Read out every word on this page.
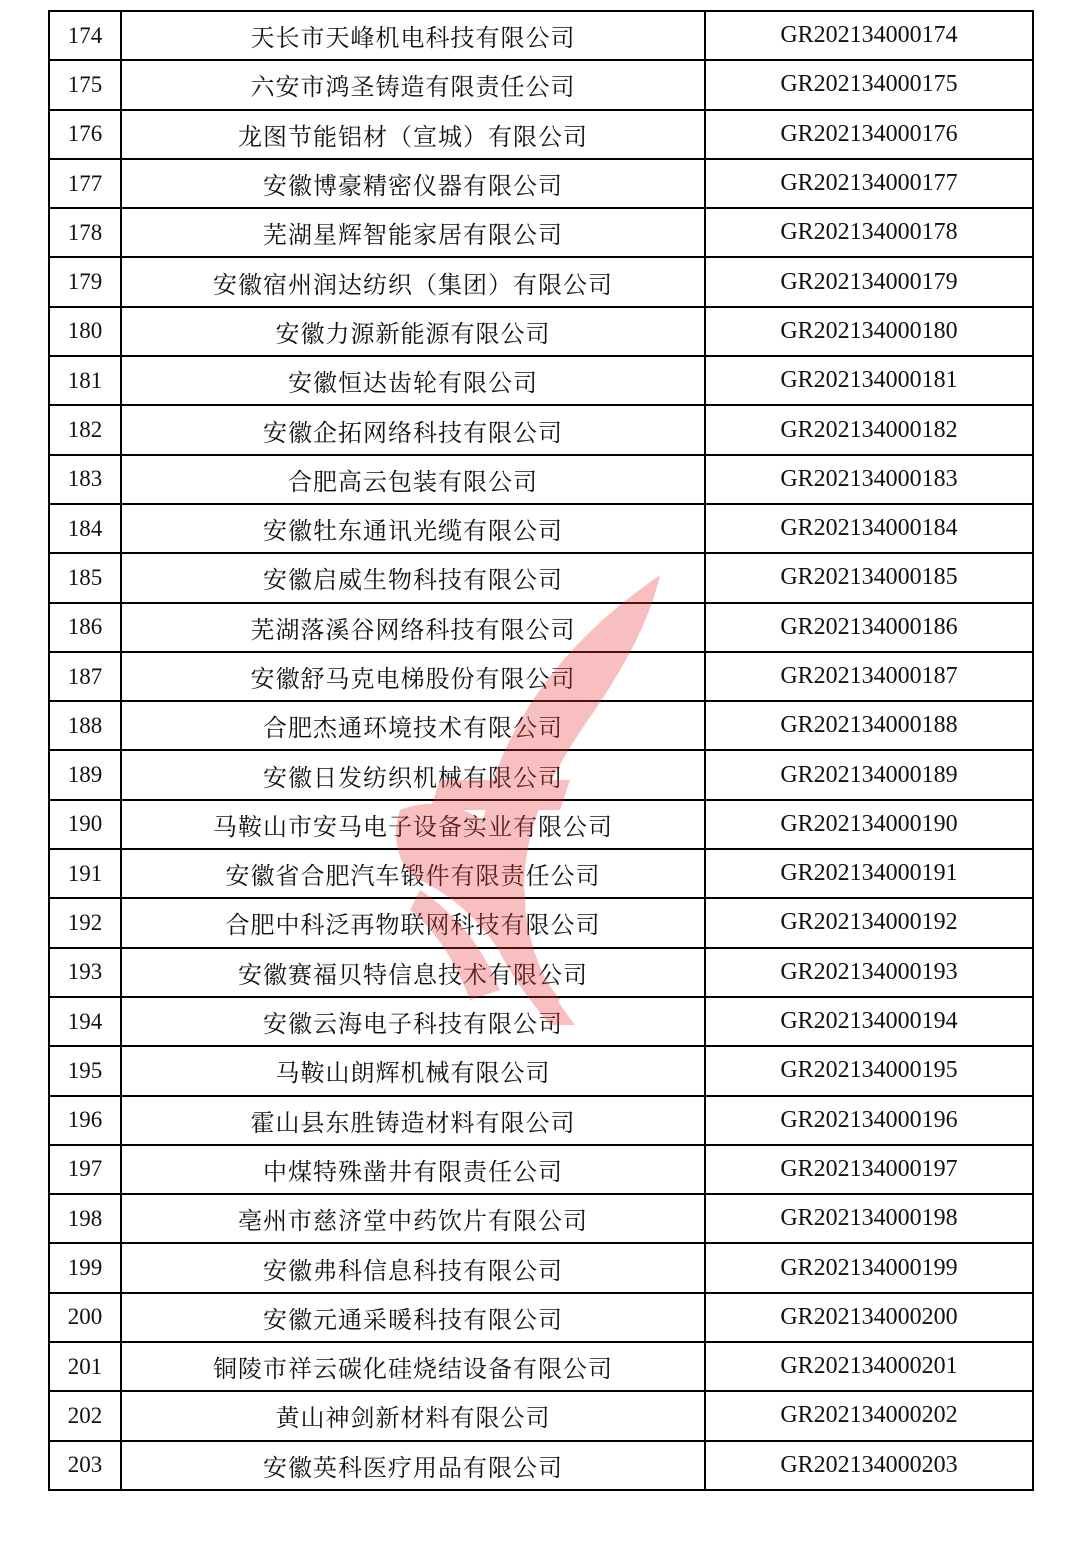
174	天长市天峰机电科技有限公司	GR202134000174
175	六安市鸿圣铸造有限责任公司	GR202134000175
176	龙图节能铝材（宣城）有限公司	GR202134000176
177	安徽博豪精密仪器有限公司	GR202134000177
178	芜湖星辉智能家居有限公司	GR202134000178
179	安徽宿州润达纺织（集团）有限公司	GR202134000179
180	安徽力源新能源有限公司	GR202134000180
181	安徽恒达齿轮有限公司	GR202134000181
182	安徽企拓网络科技有限公司	GR202134000182
183	合肥高云包装有限公司	GR202134000183
184	安徽牡东通讯光缆有限公司	GR202134000184
185	安徽启威生物科技有限公司	GR202134000185
186	芜湖落溪谷网络科技有限公司	GR202134000186
187	安徽舒马克电梯股份有限公司	GR202134000187
188	合肥杰通环境技术有限公司	GR202134000188
189	安徽日发纺织机械有限公司	GR202134000189
190	马鞍山市安马电子设备实业有限公司	GR202134000190
191	安徽省合肥汽车锻件有限责任公司	GR202134000191
192	合肥中科泛再物联网科技有限公司	GR202134000192
193	安徽赛福贝特信息技术有限公司	GR202134000193
194	安徽云海电子科技有限公司	GR202134000194
195	马鞍山朗辉机械有限公司	GR202134000195
196	霍山县东胜铸造材料有限公司	GR202134000196
197	中煤特殊凿井有限责任公司	GR202134000197
198	亳州市慈济堂中药饮片有限公司	GR202134000198
199	安徽弗科信息科技有限公司	GR202134000199
200	安徽元通采暖科技有限公司	GR202134000200
201	铜陵市祥云碳化硅烧结设备有限公司	GR202134000201
202	黄山神剑新材料有限公司	GR202134000202
203	安徽英科医疗用品有限公司	GR202134000203
